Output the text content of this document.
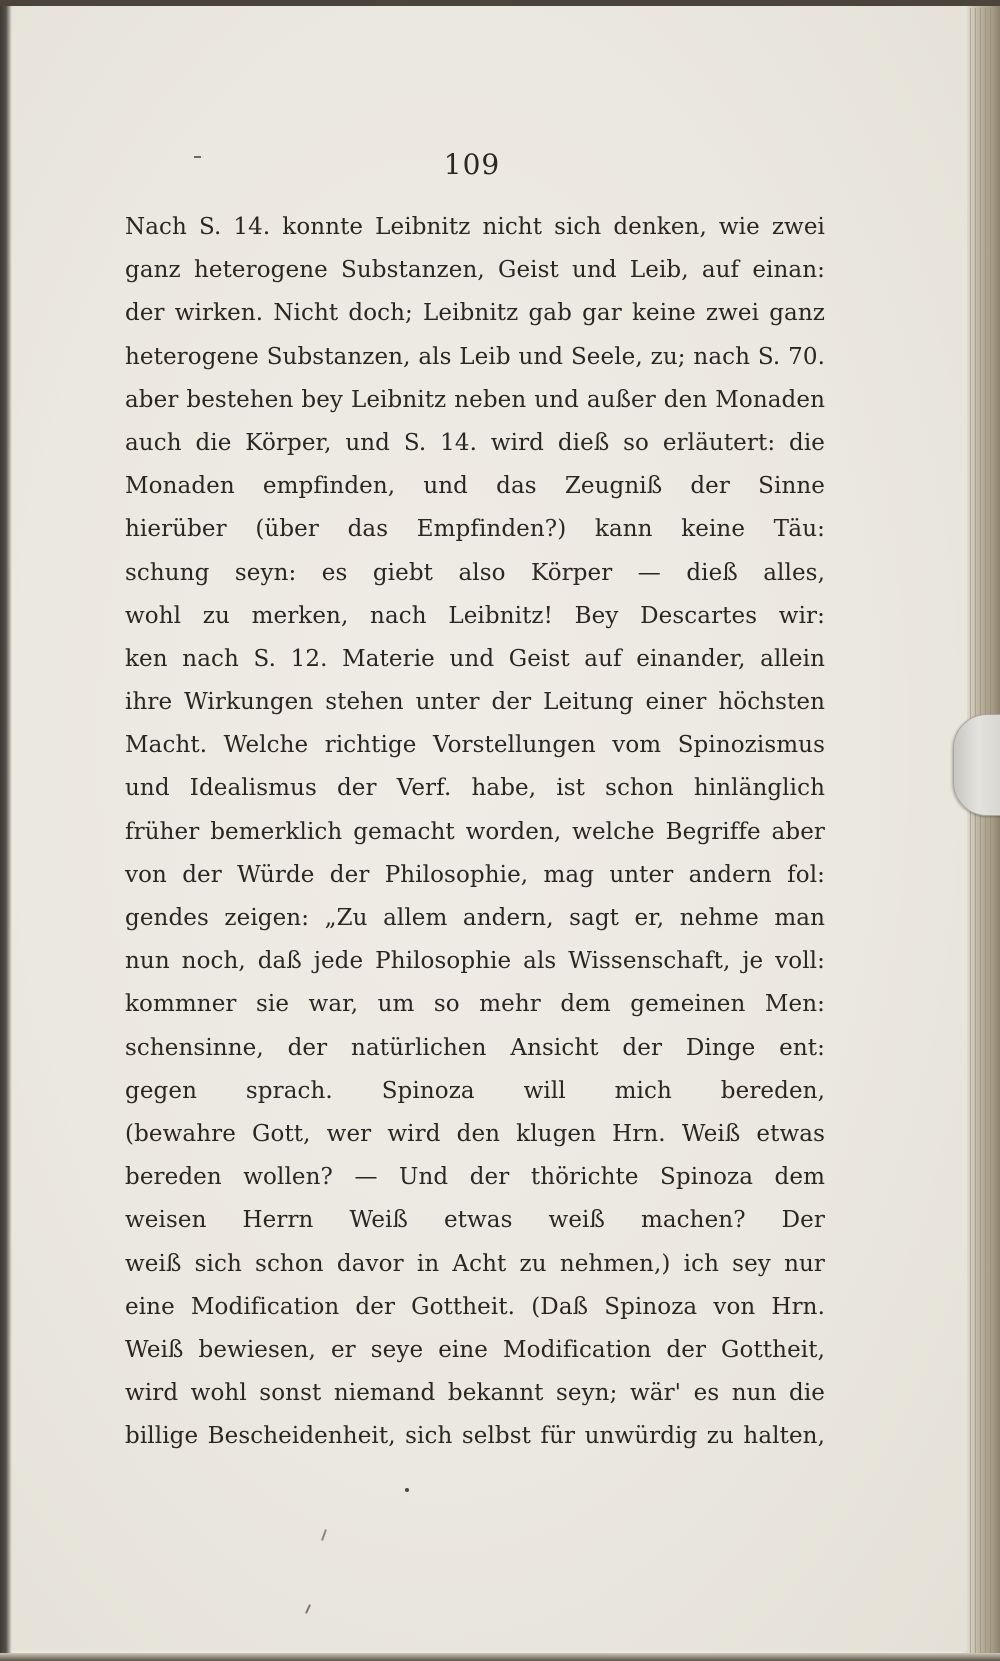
109
Nach S. 14. konnte Leibnitz nicht sich denken, wie zwei
ganz heterogene Substanzen, Geist und Leib, auf einan:
der wirken. Nicht doch; Leibnitz gab gar keine zwei ganz
heterogene Substanzen, als Leib und Seele, zu; nach S. 70.
aber bestehen bey Leibnitz neben und außer den Monaden
auch die Körper, und S. 14. wird dieß so erläutert: die
Monaden empfinden, und das Zeugniß der Sinne
hierüber (über das Empfinden?) kann keine Täu:
schung seyn: es giebt also Körper — dieß alles,
wohl zu merken, nach Leibnitz! Bey Descartes wir:
ken nach S. 12. Materie und Geist auf einander, allein
ihre Wirkungen stehen unter der Leitung einer höchsten
Macht. Welche richtige Vorstellungen vom Spinozismus
und Idealismus der Verf. habe, ist schon hinlänglich
früher bemerklich gemacht worden, welche Begriffe aber
von der Würde der Philosophie, mag unter andern fol:
gendes zeigen: „Zu allem andern, sagt er, nehme man
nun noch, daß jede Philosophie als Wissenschaft, je voll:
kommner sie war, um so mehr dem gemeinen Men:
schensinne, der natürlichen Ansicht der Dinge ent:
gegen sprach. Spinoza will mich bereden,
(bewahre Gott, wer wird den klugen Hrn. Weiß etwas
bereden wollen? — Und der thörichte Spinoza dem
weisen Herrn Weiß etwas weiß machen? Der
weiß sich schon davor in Acht zu nehmen,) ich sey nur
eine Modification der Gottheit. (Daß Spinoza von Hrn.
Weiß bewiesen, er seye eine Modification der Gottheit,
wird wohl sonst niemand bekannt seyn; wär' es nun die
billige Bescheidenheit, sich selbst für unwürdig zu halten,
